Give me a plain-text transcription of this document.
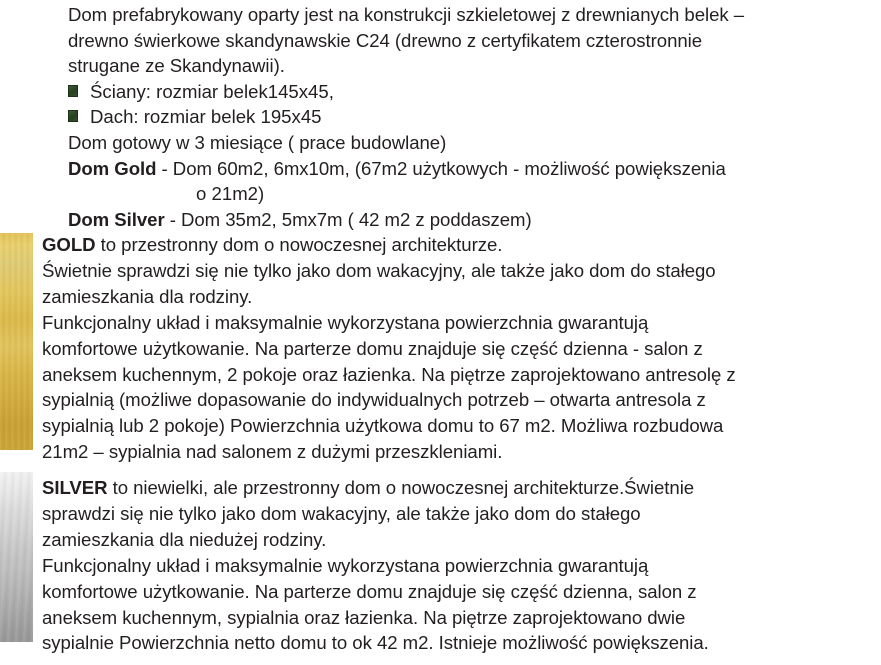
Dom prefabrykowany oparty jest na konstrukcji szkieletowej z drewnianych belek –
drewno świerkowe skandynawskie C24 (drewno z certyfikatem czterostronnie
strugane ze Skandynawii).
Ściany: rozmiar belek145x45,
Dach: rozmiar belek 195x45
Dom gotowy w 3 miesiące ( prace budowlane)
Dom Gold - Dom 60m2, 6mx10m, (67m2 użytkowych - możliwość powiększenia
o 21m2)
Dom Silver - Dom 35m2, 5mx7m ( 42 m2 z poddaszem)
GOLD to przestronny dom o nowoczesnej architekturze.
Świetnie sprawdzi się nie tylko jako dom wakacyjny, ale także jako dom do stałego
zamieszkania dla rodziny.
Funkcjonalny układ i maksymalnie wykorzystana powierzchnia gwarantują
komfortowe użytkowanie. Na parterze domu znajduje się część dzienna - salon z
aneksem kuchennym, 2 pokoje oraz łazienka. Na piętrze zaprojektowano antresolę z
sypialnią (możliwe dopasowanie do indywidualnych potrzeb – otwarta antresola z
sypialnią lub 2 pokoje) Powierzchnia użytkowa domu to 67 m2. Możliwa rozbudowa
21m2 – sypialnia nad salonem z dużymi przeszkleniami.
SILVER to niewielki, ale przestronny dom o nowoczesnej architekturze.Świetnie
sprawdzi się nie tylko jako dom wakacyjny, ale także jako dom do stałego
zamieszkania dla niedużej rodziny.
Funkcjonalny układ i maksymalnie wykorzystana powierzchnia gwarantują
komfortowe użytkowanie. Na parterze domu znajduje się część dzienna, salon z
aneksem kuchennym, sypialnia oraz łazienka. Na piętrze zaprojektowano dwie
sypialnie Powierzchnia netto domu to ok 42 m2. Istnieje możliwość powiększenia.
